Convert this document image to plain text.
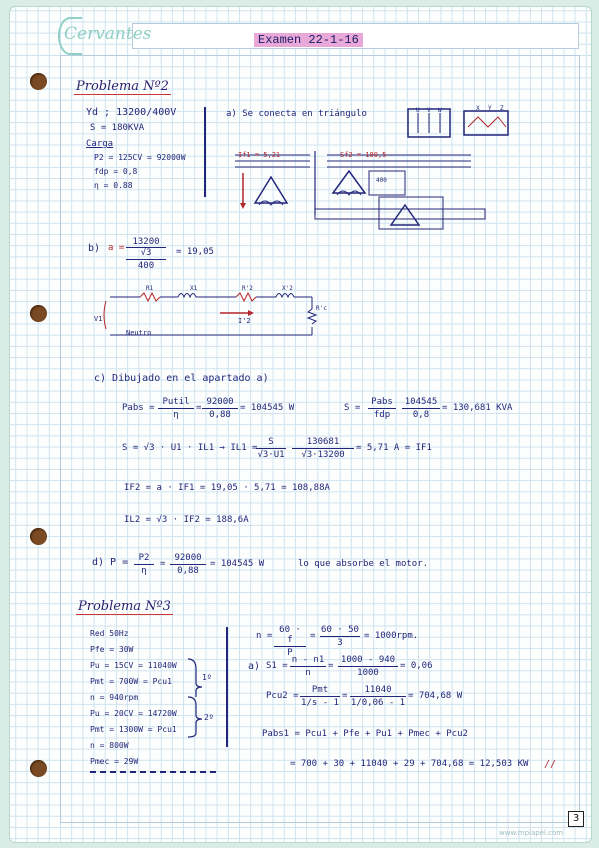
Cervantes	Examen 22-1-16
Problema Nº2
Yd ; 13200/400V
S = 180KVA
Carga
P2 = 125CV = 92000W
fdp = 0,8
η = 0.88
a) Se conecta en triángulo	U V W	X Y Z
If1 = 5,21	Sf2 = 180,5
400
b) a =
13200
√3
400
= 19,05
R1	X1	R'2	X'2
R'c
V1	I'2
Neutro
c) Dibujado en el apartado a)
Pabs =
Putil
η
=
92000
0,88
= 104545 W	S =
Pabs
fdp
104545
0,8
= 130,681 KVA
S = √3 · U1 · IL1 → IL1 =
S
√3·U1
130681
√3·13200
= 5,71 A = IF1
IF2 = a · IF1 = 19,05 · 5,71 = 108,88A
IL2 = √3 · IF2 = 188,6A
d) P =	P2
η
=
92000
0,88
= 104545 W	lo que absorbe el motor.
Problema Nº3
Red 50Hz
Pfe = 30W
Pu = 15CV = 11040W
Pmt = 700W = Pcu1
n = 940rpm
Pu = 20CV = 14720W
Pmt = 1300W = Pcu1
n = 800W
Pmec = 29W
1º
2º
n =
60 · f
P
=
60 · 50
3
= 1000rpm.
a) S1 =
n - n1
n
=
1000 - 940
1000
= 0,06
Pcu2 =
Pmt
1/s - 1
=
11040
1/0,06 - 1
= 704,68 W
Pabs1 = Pcu1 + Pfe + Pu1 + Pmec + Pcu2
= 700 + 30 + 11040 + 29 + 704,68 = 12,503 KW //
3
www.mpiapel.com
